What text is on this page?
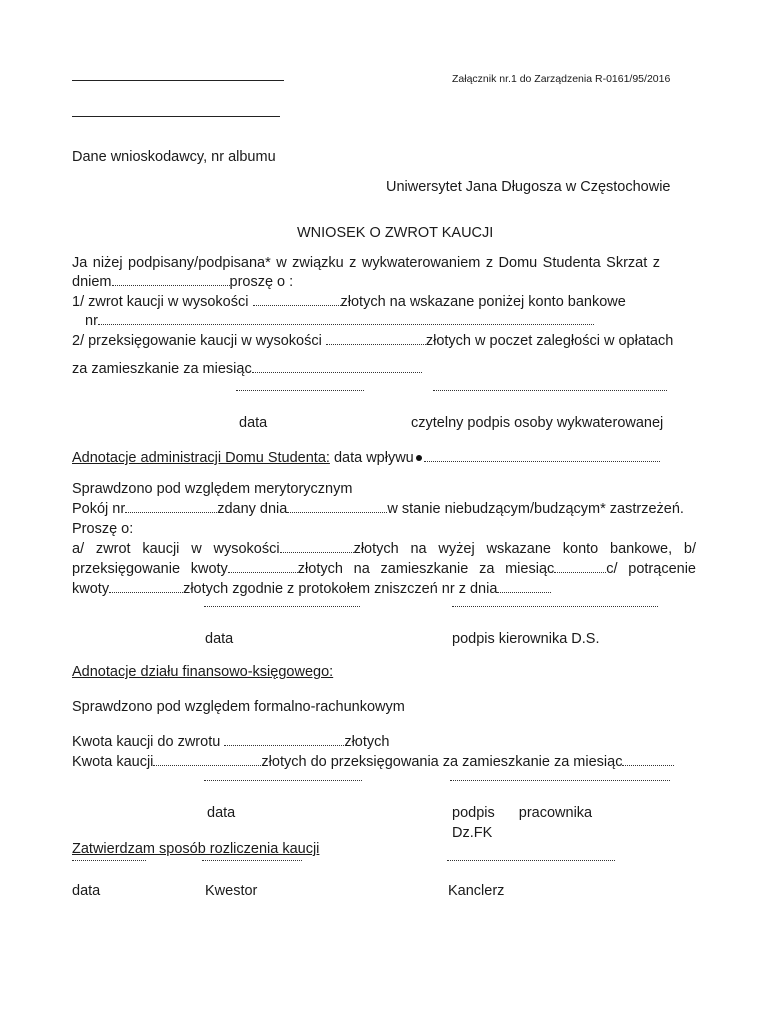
Załącznik nr.1 do Zarządzenia R-0161/95/2016
Dane wnioskodawcy, nr albumu
Uniwersytet Jana Długosza w Częstochowie
WNIOSEK O ZWROT KAUCJI
Ja niżej podpisany/podpisana* w związku z wykwaterowaniem z Domu Studenta Skrzat z
dniem	proszę o :
1/ zwrot kaucji w wysokości	złotych na wskazane poniżej konto bankowe
nr
2/ przeksięgowanie kaucji w wysokości	złotych w poczet zaległości w opłatach
za zamieszkanie za miesiąc
data	czytelny podpis osoby wykwaterowanej
Adnotacje administracji Domu Studenta: data wpływu
Sprawdzono pod względem merytorycznym
Pokój nr	zdany dnia	w stanie niebudzącym/budzącym* zastrzeżeń.
Proszę o:
a/ zwrot kaucji w wysokości	złotych na wyżej wskazane konto bankowe, b/
przeksięgowanie kwoty	złotych na zamieszkanie za miesiąc	c/ potrącenie
kwoty	złotych zgodnie z protokołem zniszczeń nr z dnia
data	podpis kierownika D.S.
Adnotacje działu finansowo-księgowego:
Sprawdzono pod względem formalno-rachunkowym
Kwota kaucji do zwrotu	złotych
Kwota kaucji	złotych do przeksięgowania za zamieszkanie za miesiąc
data	podpis pracownika
Dz.FK
Zatwierdzam sposób rozliczenia kaucji
data	Kwestor	Kanclerz
